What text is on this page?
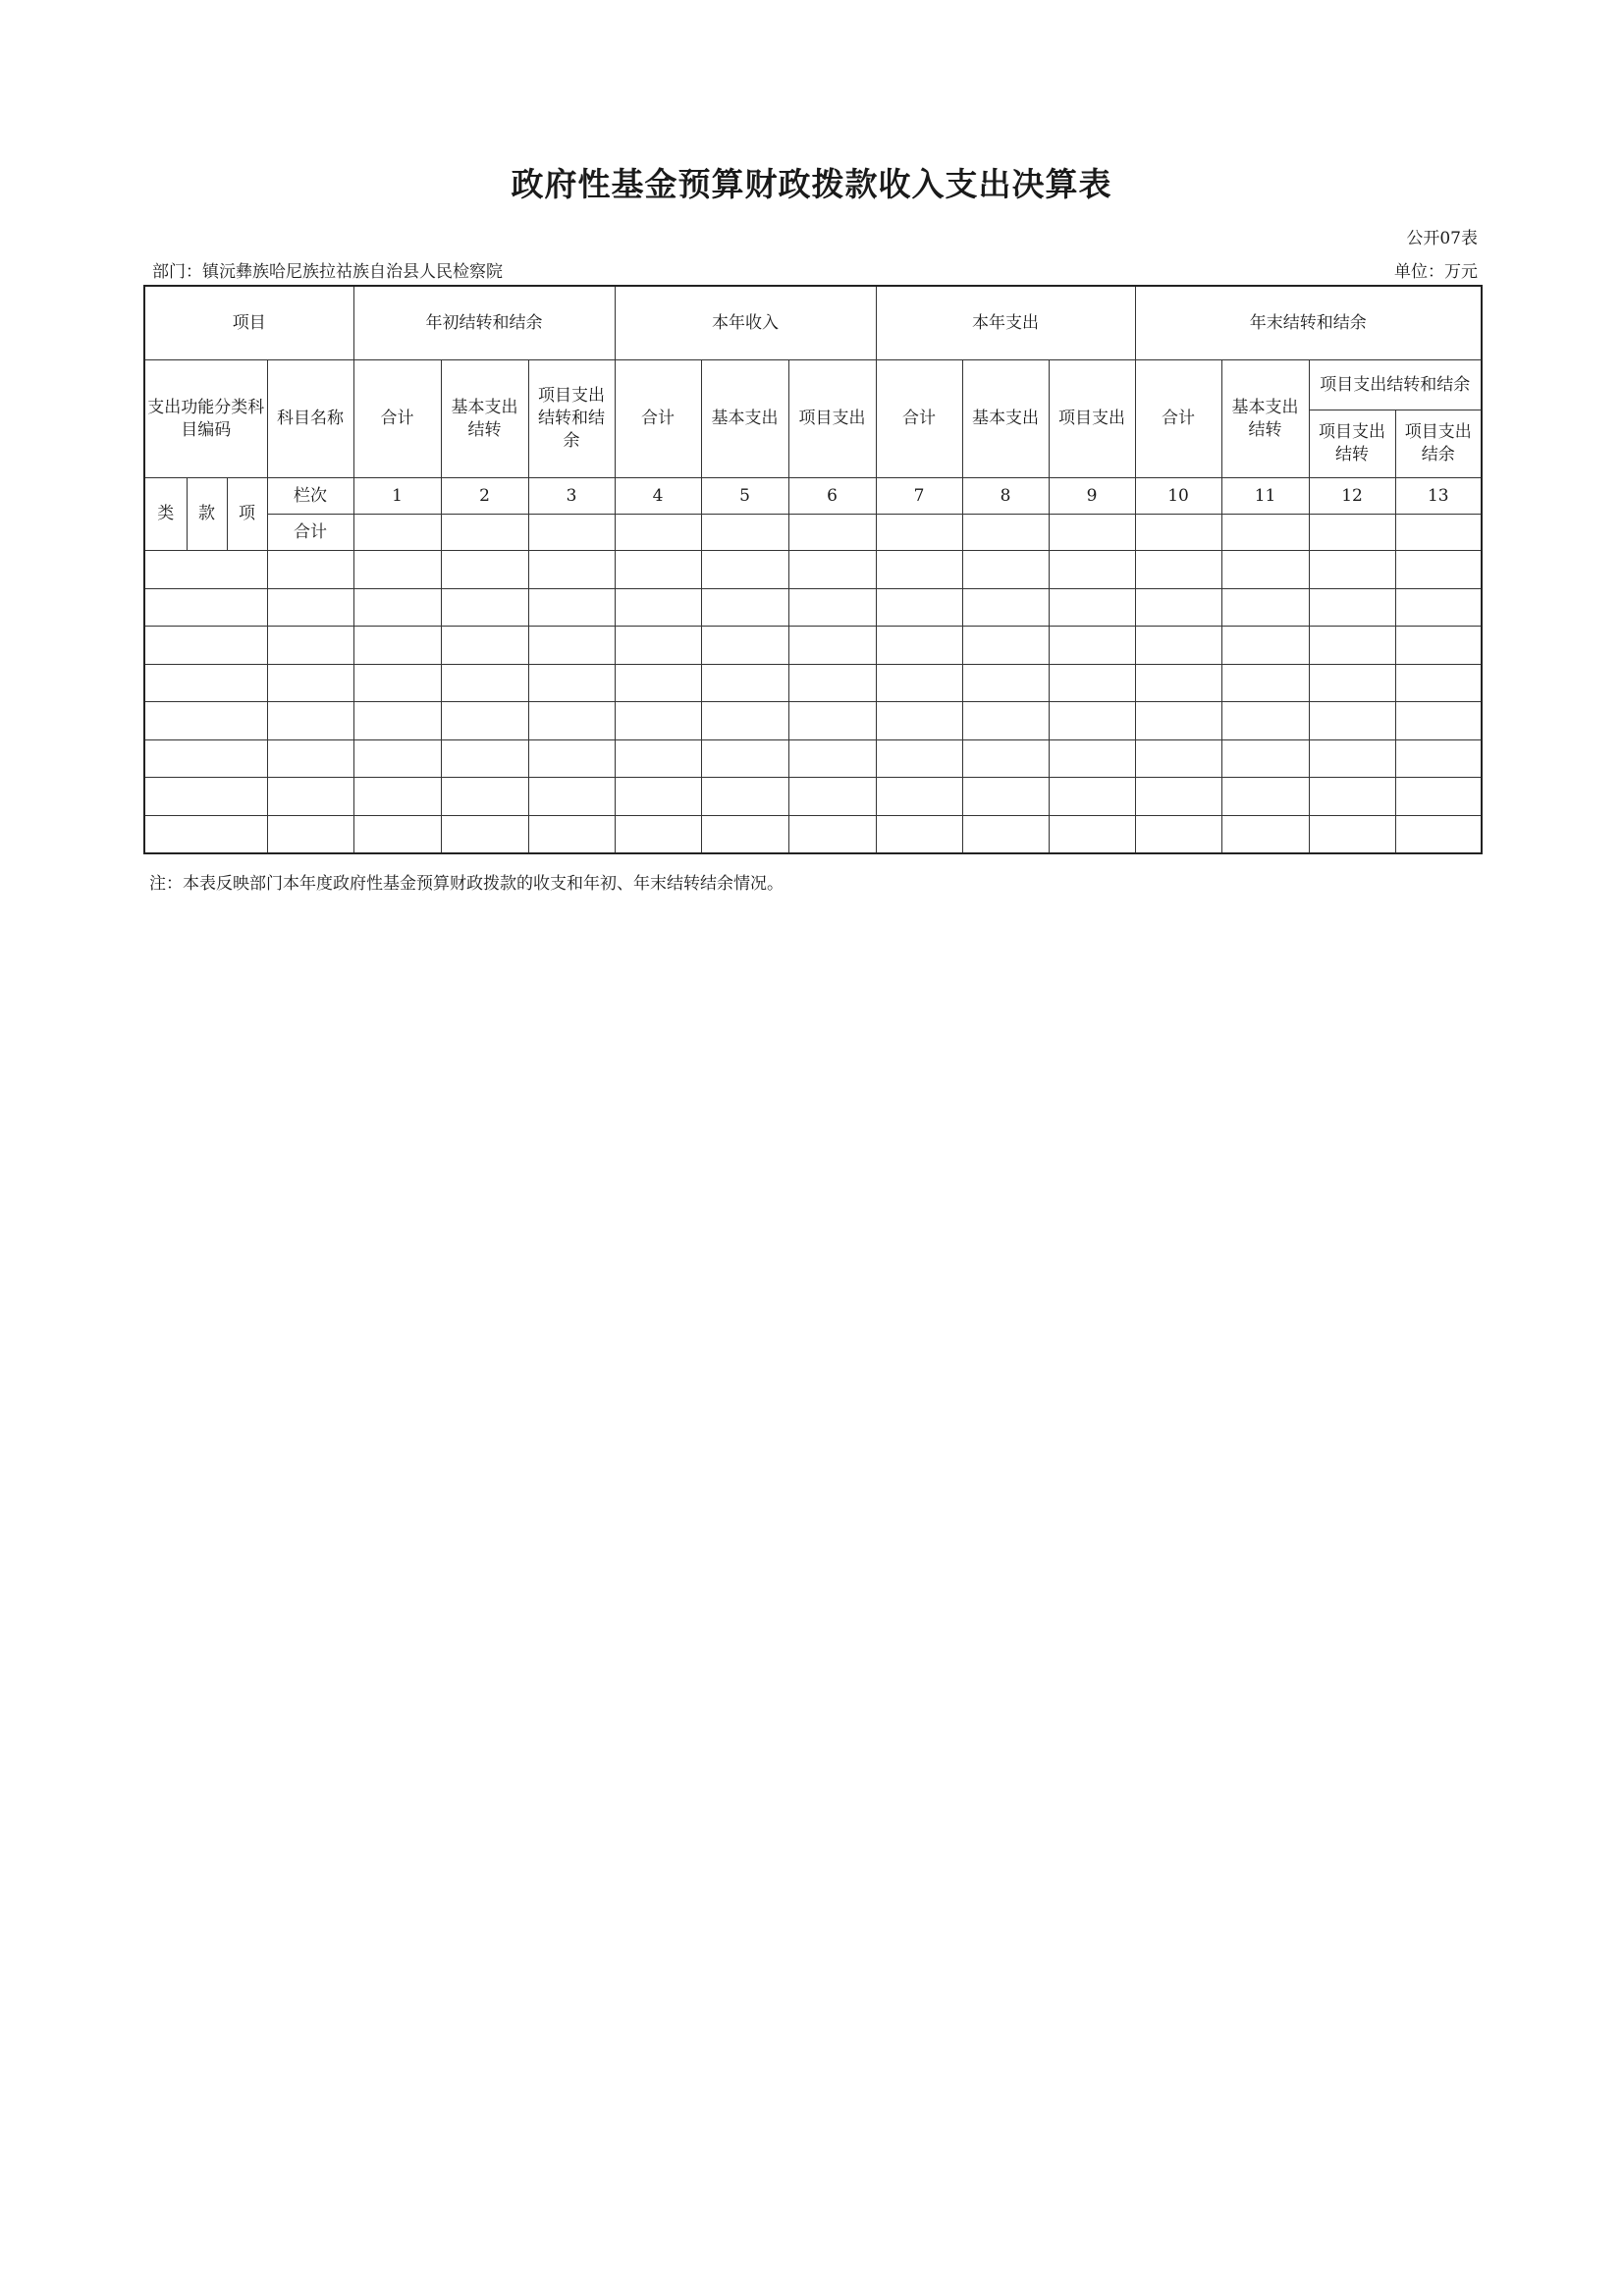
政府性基金预算财政拨款收入支出决算表
公开07表
部门：镇沅彝族哈尼族拉祜族自治县人民检察院	单位：万元
项目				年初结转和结余			本年收入			本年支出			年末结转和结余			
支出功能分类科目编码			科目名称	合计	基本支出结转	项目支出结转和结余	合计	基本支出	项目支出	合计	基本支出	项目支出	合计	基本支出结转	项目支出结转和结余	
															项目支出结转	项目支出结余
类	款	项	栏次	1	2	3	4	5	6	7	8	9	10	11	12	13
			合计													

注：本表反映部门本年度政府性基金预算财政拨款的收支和年初、年末结转结余情况。
